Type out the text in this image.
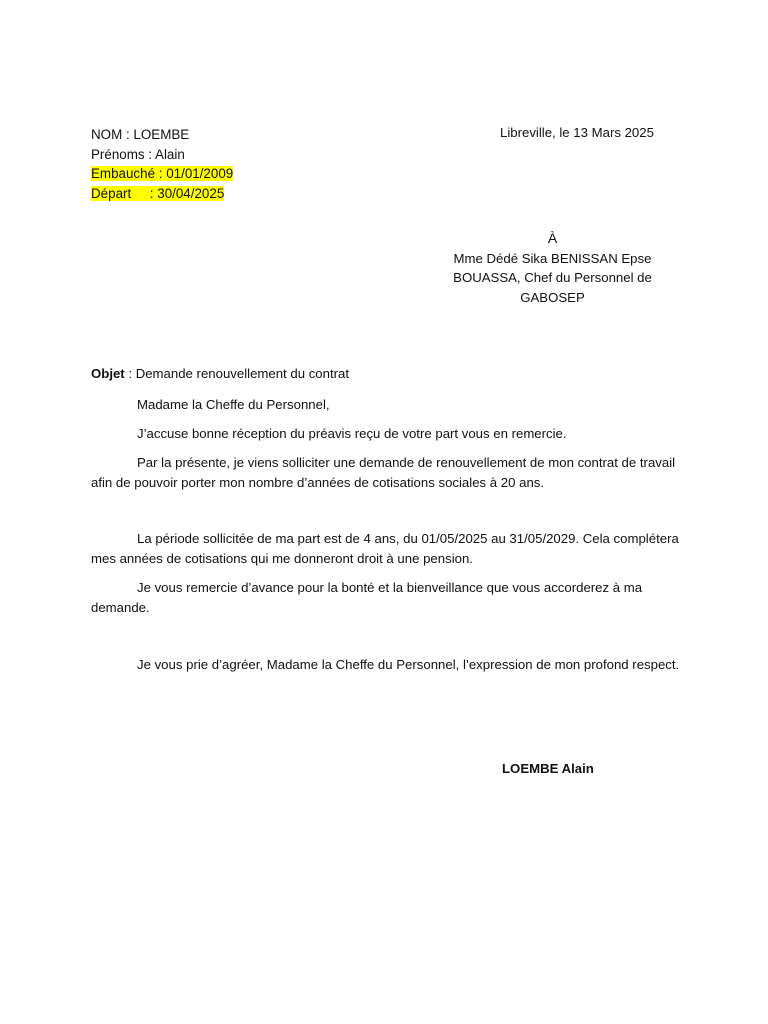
NOM : LOEMBE
Prénoms : Alain
Embauché : 01/01/2009
Départ     : 30/04/2025
Libreville, le 13 Mars 2025
À
Mme Dédé Sika BENISSAN Epse
BOUASSA, Chef du Personnel de
GABOSEP
Objet : Demande renouvellement du contrat

Madame la Cheffe du Personnel,

J’accuse bonne réception du préavis reçu de votre part vous en remercie.

Par la présente, je viens solliciter une demande de renouvellement de mon contrat de travail afin de pouvoir porter mon nombre d’années de cotisations sociales à 20 ans.

La période sollicitée de ma part est de 4 ans, du 01/05/2025 au 31/05/2029. Cela complétera mes années de cotisations qui me donneront droit à une pension.

Je vous remercie d’avance pour la bonté et la bienveillance que vous accorderez à ma demande.

Je vous prie d’agréer, Madame la Cheffe du Personnel, l’expression de mon profond respect.

LOEMBE Alain
